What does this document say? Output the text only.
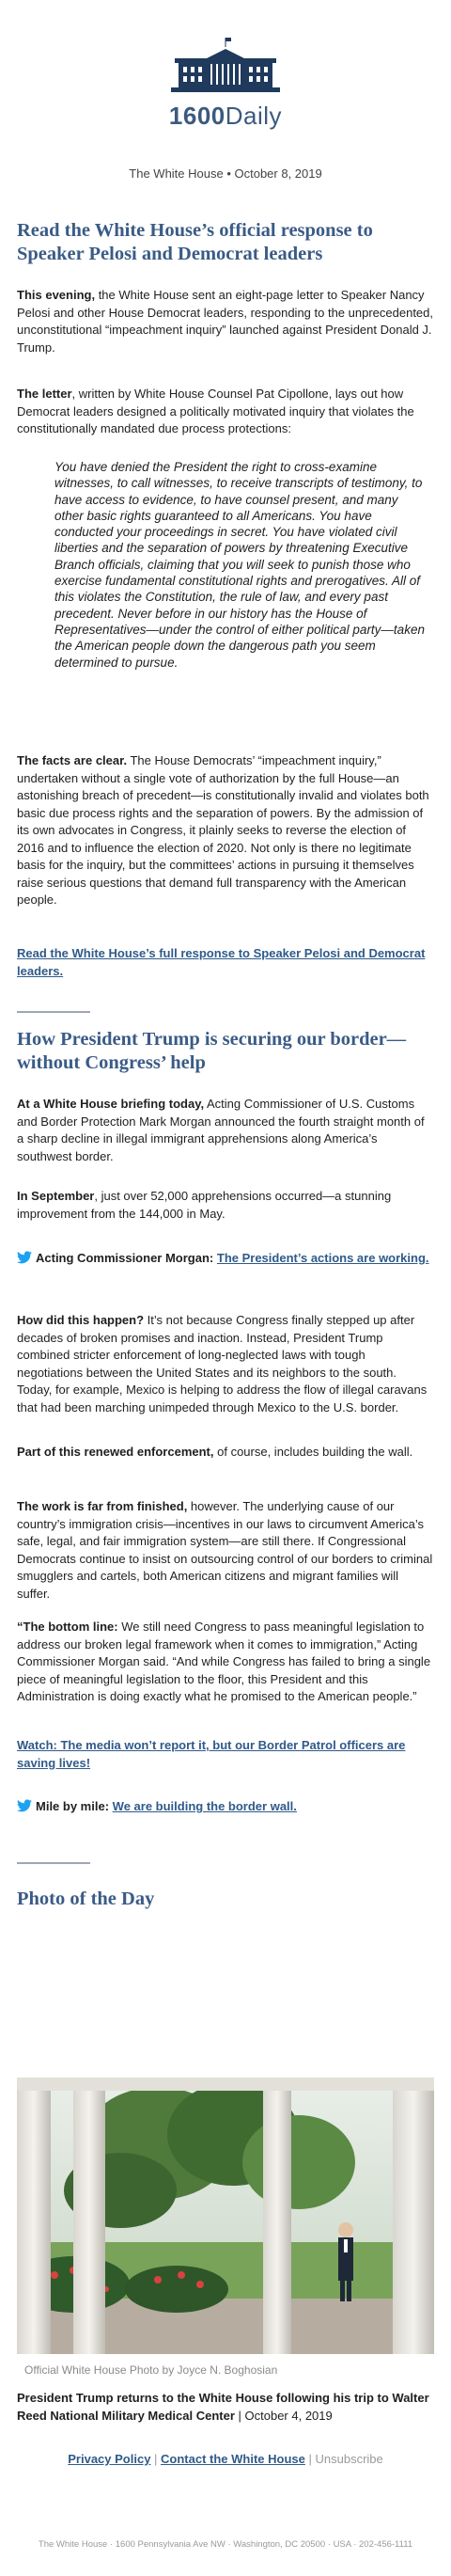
1600Daily
The White House • October 8, 2019
Read the White House’s official response to Speaker Pelosi and Democrat leaders

This evening, the White House sent an eight-page letter to Speaker Nancy Pelosi and other House Democrat leaders, responding to the unprecedented, unconstitutional “impeachment inquiry” launched against President Donald J. Trump.

The letter, written by White House Counsel Pat Cipollone, lays out how Democrat leaders designed a politically motivated inquiry that violates the constitutionally mandated due process protections:

You have denied the President the right to cross-examine witnesses, to call witnesses, to receive transcripts of testimony, to have access to evidence, to have counsel present, and many other basic rights guaranteed to all Americans. You have conducted your proceedings in secret. You have violated civil liberties and the separation of powers by threatening Executive Branch officials, claiming that you will seek to punish those who exercise fundamental constitutional rights and prerogatives. All of this violates the Constitution, the rule of law, and every past precedent. Never before in our history has the House of Representatives—under the control of either political party—taken the American people down the dangerous path you seem determined to pursue.

The facts are clear. The House Democrats’ “impeachment inquiry,” undertaken without a single vote of authorization by the full House—an astonishing breach of precedent—is constitutionally invalid and violates both basic due process rights and the separation of powers. By the admission of its own advocates in Congress, it plainly seeks to reverse the election of 2016 and to influence the election of 2020. Not only is there no legitimate basis for the inquiry, but the committees’ actions in pursuing it themselves raise serious questions that demand full transparency with the American people.

Read the White House’s full response to Speaker Pelosi and Democrat leaders.
How President Trump is securing our border—without Congress’ help

At a White House briefing today, Acting Commissioner of U.S. Customs and Border Protection Mark Morgan announced the fourth straight month of a sharp decline in illegal immigrant apprehensions along America’s southwest border.

In September, just over 52,000 apprehensions occurred—a stunning improvement from the 144,000 in May.

Acting Commissioner Morgan: The President’s actions are working.

How did this happen? It’s not because Congress finally stepped up after decades of broken promises and inaction. Instead, President Trump combined stricter enforcement of long-neglected laws with tough negotiations between the United States and its neighbors to the south. Today, for example, Mexico is helping to address the flow of illegal caravans that had been marching unimpeded through Mexico to the U.S. border.

Part of this renewed enforcement, of course, includes building the wall.

The work is far from finished, however. The underlying cause of our country’s immigration crisis—incentives in our laws to circumvent America’s safe, legal, and fair immigration system—are still there. If Congressional Democrats continue to insist on outsourcing control of our borders to criminal smugglers and cartels, both American citizens and migrant families will suffer.

“The bottom line: We still need Congress to pass meaningful legislation to address our broken legal framework when it comes to immigration,” Acting Commissioner Morgan said. “And while Congress has failed to bring a single piece of meaningful legislation to the floor, this President and this Administration is doing exactly what he promised to the American people.”

Watch: The media won’t report it, but our Border Patrol officers are saving lives!

Mile by mile: We are building the border wall.

Photo of the Day
Official White House Photo by Joyce N. Boghosian

President Trump returns to the White House following his trip to Walter Reed National Military Medical Center | October 4, 2019

Privacy Policy | Contact the White House | Unsubscribe
The White House · 1600 Pennsylvania Ave NW · Washington, DC 20500 · USA · 202-456-1111
